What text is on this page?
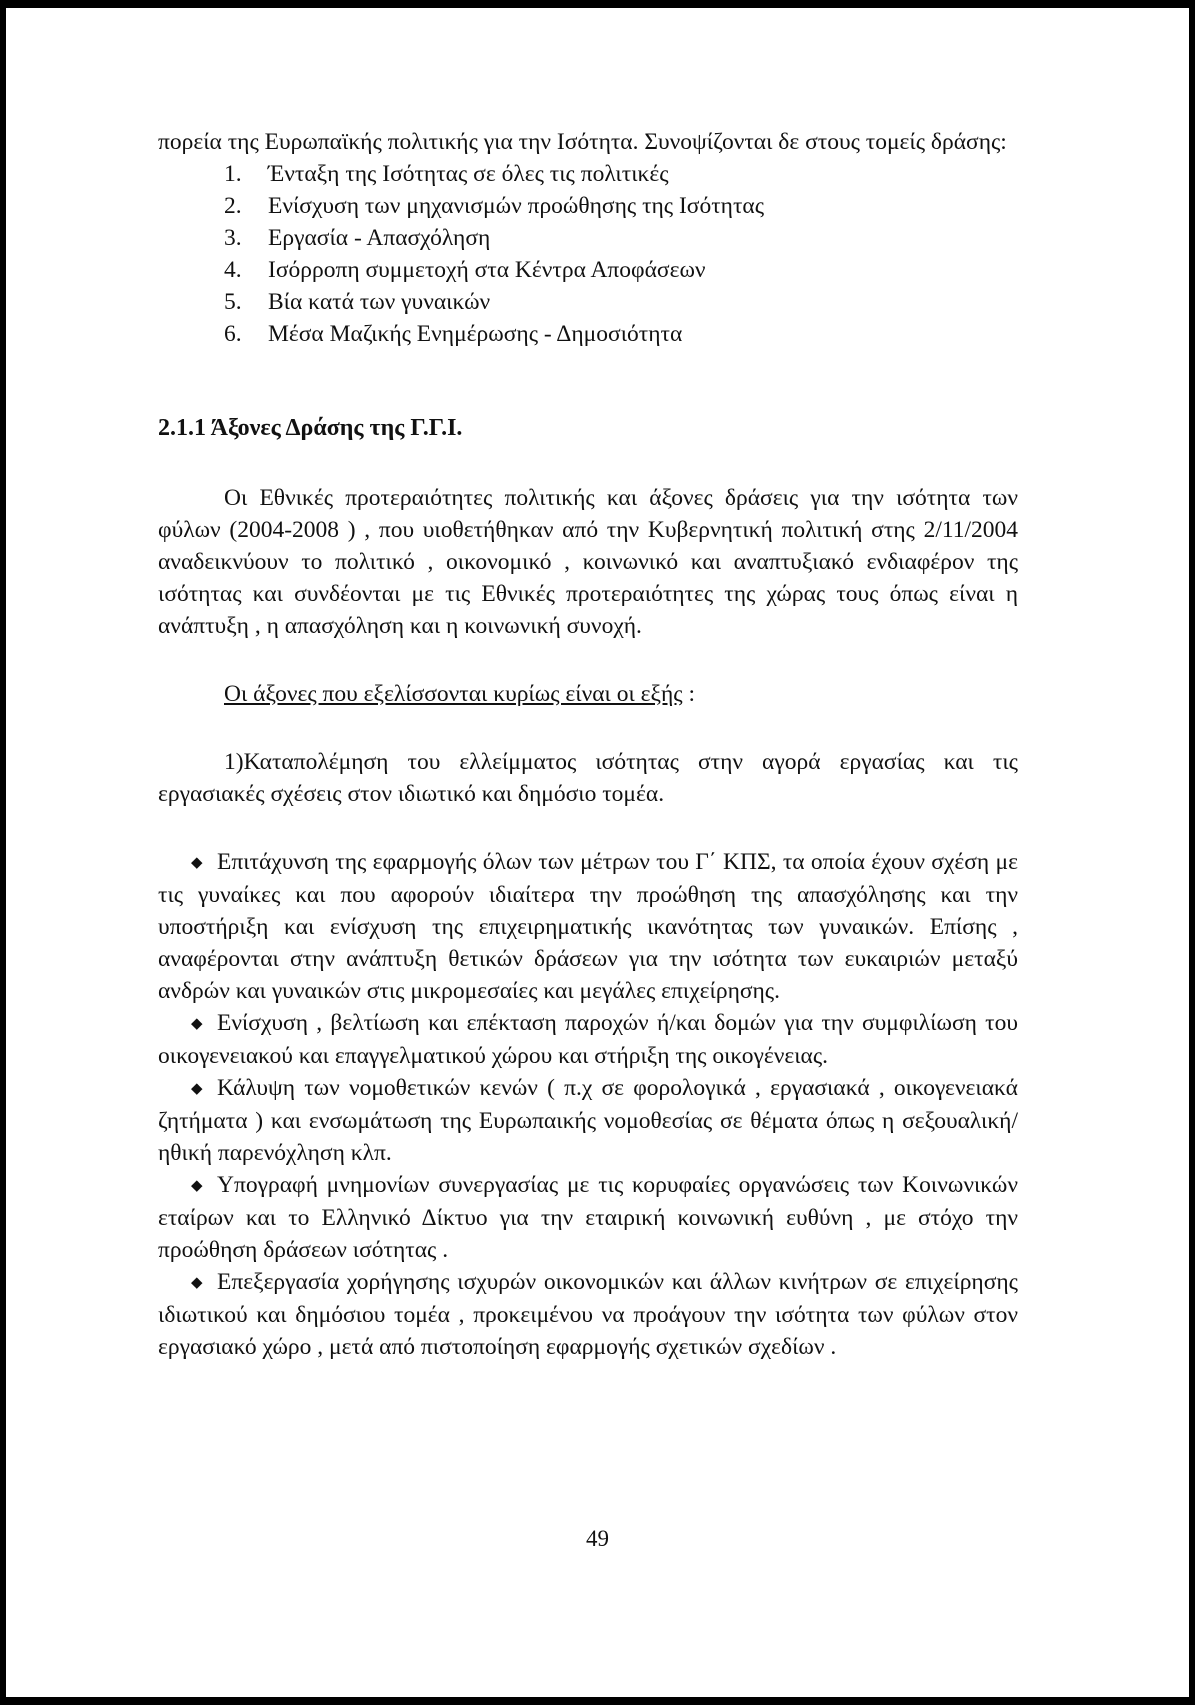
πορεία της Ευρωπαϊκής πολιτικής για την Ισότητα. Συνοψίζονται δε στους τομείς δράσης:

1. Ένταξη της Ισότητας σε όλες τις πολιτικές
2. Ενίσχυση των μηχανισμών προώθησης της Ισότητας
3. Εργασία - Απασχόληση
4. Ισόρροπη συμμετοχή στα Κέντρα Αποφάσεων
5. Βία κατά των γυναικών
6. Μέσα Μαζικής Ενημέρωσης - Δημοσιότητα
2.1.1 Άξονες Δράσης της Γ.Γ.Ι.

Οι Εθνικές προτεραιότητες πολιτικής και άξονες δράσεις για την ισότητα των φύλων (2004-2008 ) , που υιοθετήθηκαν από την Κυβερνητική πολιτική στης 2/11/2004 αναδεικνύουν το πολιτικό , οικονομικό , κοινωνικό και αναπτυξιακό ενδιαφέρον της ισότητας και συνδέονται με τις Εθνικές προτεραιότητες της χώρας τους όπως είναι η ανάπτυξη , η απασχόληση και η κοινωνική συνοχή.

Οι άξονες που εξελίσσονται κυρίως είναι οι εξής :

1)Καταπολέμηση του ελλείμματος ισότητας στην αγορά εργασίας και τις εργασιακές σχέσεις στον ιδιωτικό και δημόσιο τομέα.

◆ Επιτάχυνση της εφαρμογής όλων των μέτρων του Γ΄ ΚΠΣ, τα οποία έχουν σχέση με τις γυναίκες και που αφορούν ιδιαίτερα την προώθηση της απασχόλησης και την υποστήριξη και ενίσχυση της επιχειρηματικής ικανότητας των γυναικών. Επίσης , αναφέρονται στην ανάπτυξη θετικών δράσεων για την ισότητα των ευκαιριών μεταξύ ανδρών και γυναικών στις μικρομεσαίες και μεγάλες επιχείρησης.

◆ Ενίσχυση , βελτίωση και επέκταση παροχών ή/και δομών για την συμφιλίωση του οικογενειακού και επαγγελματικού χώρου και στήριξη της οικογένειας.

◆ Κάλυψη των νομοθετικών κενών ( π.χ σε φορολογικά , εργασιακά , οικογενειακά ζητήματα ) και ενσωμάτωση της Ευρωπαικής νομοθεσίας σε θέματα όπως η σεξουαλική/ηθική παρενόχληση κλπ.

◆ Υπογραφή μνημονίων συνεργασίας με τις κορυφαίες οργανώσεις των Κοινωνικών εταίρων και το Ελληνικό Δίκτυο για την εταιρική κοινωνική ευθύνη , με στόχο την προώθηση δράσεων ισότητας .

◆ Επεξεργασία χορήγησης ισχυρών οικονομικών και άλλων κινήτρων σε επιχείρησης ιδιωτικού και δημόσιου τομέα , προκειμένου να προάγουν την ισότητα των φύλων στον εργασιακό χώρο , μετά από πιστοποίηση εφαρμογής σχετικών σχεδίων .

49
